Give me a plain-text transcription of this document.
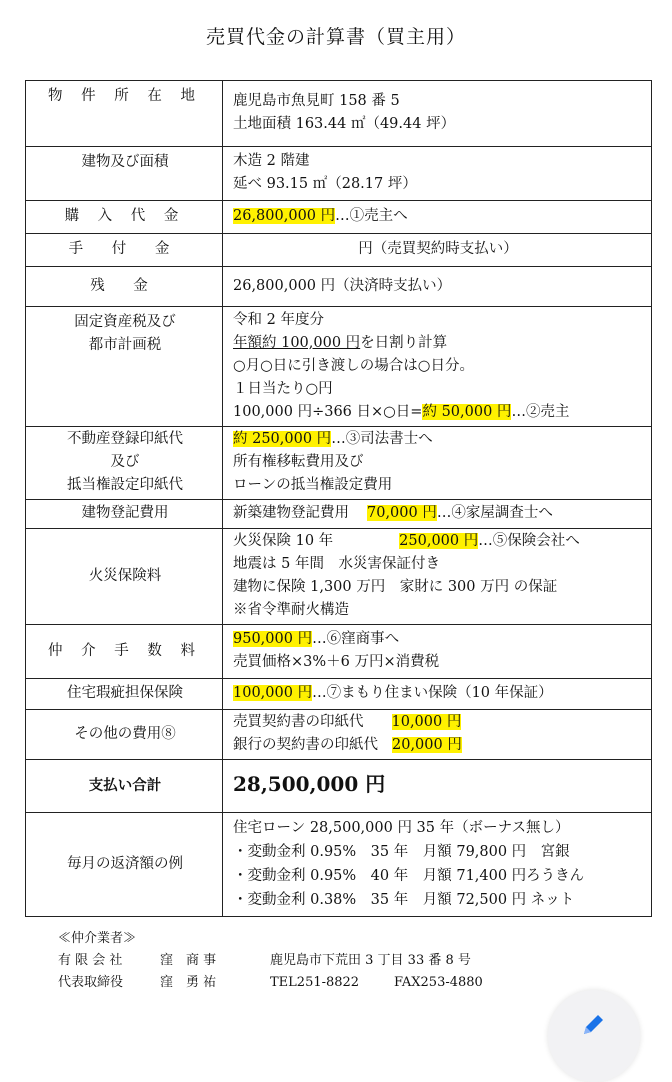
売買代金の計算書（買主用）
物 件 所 在 地	鹿児島市魚見町 158 番 5
土地面積 163.44 ㎡（49.44 坪）

建物及び面積	木造 2 階建
延べ 93.15 ㎡（28.17 坪）

購 入 代 金	26,800,000 円…①売主へ
手 付 金	円（売買契約時支払い）
残 金	26,800,000 円（決済時支払い）

固定資産税及び
都市計画税	令和 2 年度分
年額約 100,000 円を日割り計算
○月○日に引き渡しの場合は○日分。
１日当たり○円
100,000 円÷366 日×○日=約 50,000 円…②売主

不動産登録印紙代
及び
抵当権設定印紙代	約 250,000 円…③司法書士へ
所有権移転費用及び
ローンの抵当権設定費用

建物登記費用	新築建物登記費用 70,000 円…④家屋調査士へ
火災保険料	火災保険 10 年 250,000 円…⑤保険会社へ
地震は 5 年間　水災害保証付き
建物に保険 1,300 万円　家財に 300 万円 の保証
※省令準耐火構造

仲 介 手 数 料	950,000 円…⑥窪商事へ
売買価格×3%＋6 万円×消費税

住宅瑕疵担保保険	100,000 円…⑦まもり住まい保険（10 年保証）
その他の費用⑧	売買契約書の印紙代 10,000 円
銀行の契約書の印紙代 20,000 円

支払い合計	28,500,000 円
毎月の返済額の例	住宅ローン 28,500,000 円 35 年（ボーナス無し）
・変動金利 0.95%　35 年　月額 79,800 円　宮銀
・変動金利 0.95%　40 年　月額 71,400 円ろうきん
・変動金利 0.38%　35 年　月額 72,500 円 ネット
≪仲介業者≫
有 限 会 社	窪　商 事	鹿児島市下荒田 3 丁目 33 番 8 号
代表取締役	窪　勇 祐	TEL251-8822	FAX253-4880
